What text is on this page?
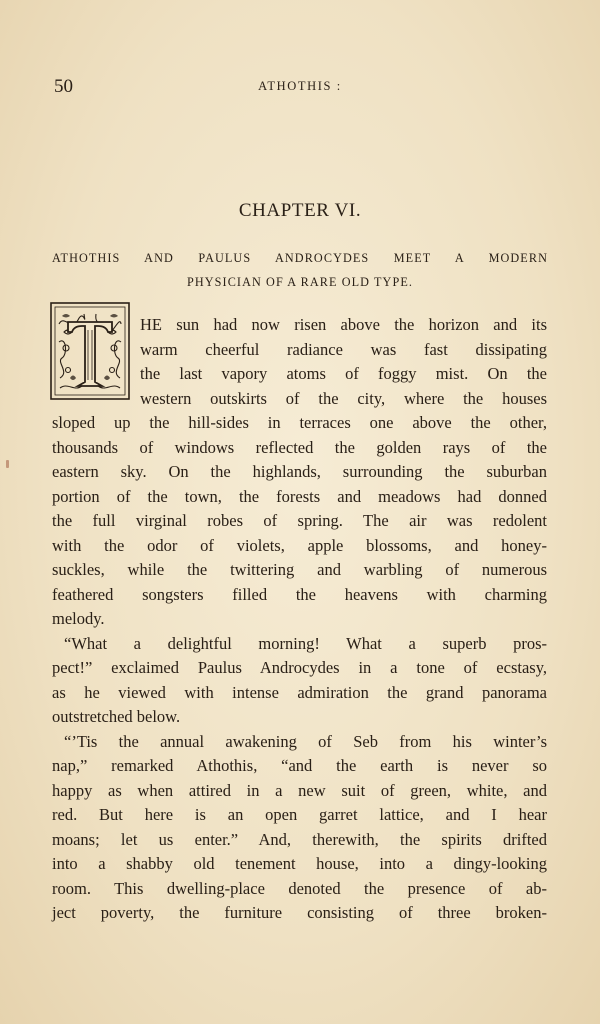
50	ATHOTHIS :
CHAPTER VI.
ATHOTHIS AND PAULUS ANDROCYDES MEET A MODERN
PHYSICIAN OF A RARE OLD TYPE.
HE sun had now risen above the horizon and its
warm cheerful radiance was fast dissipating
the last vapory atoms of foggy mist. On the
western outskirts of the city, where the houses
sloped up the hill-sides in terraces one above the other,
thousands of windows reflected the golden rays of the
eastern sky. On the highlands, surrounding the suburban
portion of the town, the forests and meadows had donned
the full virginal robes of spring. The air was redolent
with the odor of violets, apple blossoms, and honey-
suckles, while the twittering and warbling of numerous
feathered songsters filled the heavens with charming
melody.
“What a delightful morning! What a superb pros-
pect!” exclaimed Paulus Androcydes in a tone of ecstasy,
as he viewed with intense admiration the grand panorama
outstretched below.
“’Tis the annual awakening of Seb from his winter’s
nap,” remarked Athothis, “and the earth is never so
happy as when attired in a new suit of green, white, and
red. But here is an open garret lattice, and I hear
moans; let us enter.” And, therewith, the spirits drifted
into a shabby old tenement house, into a dingy-looking
room. This dwelling-place denoted the presence of ab-
ject poverty, the furniture consisting of three broken-
